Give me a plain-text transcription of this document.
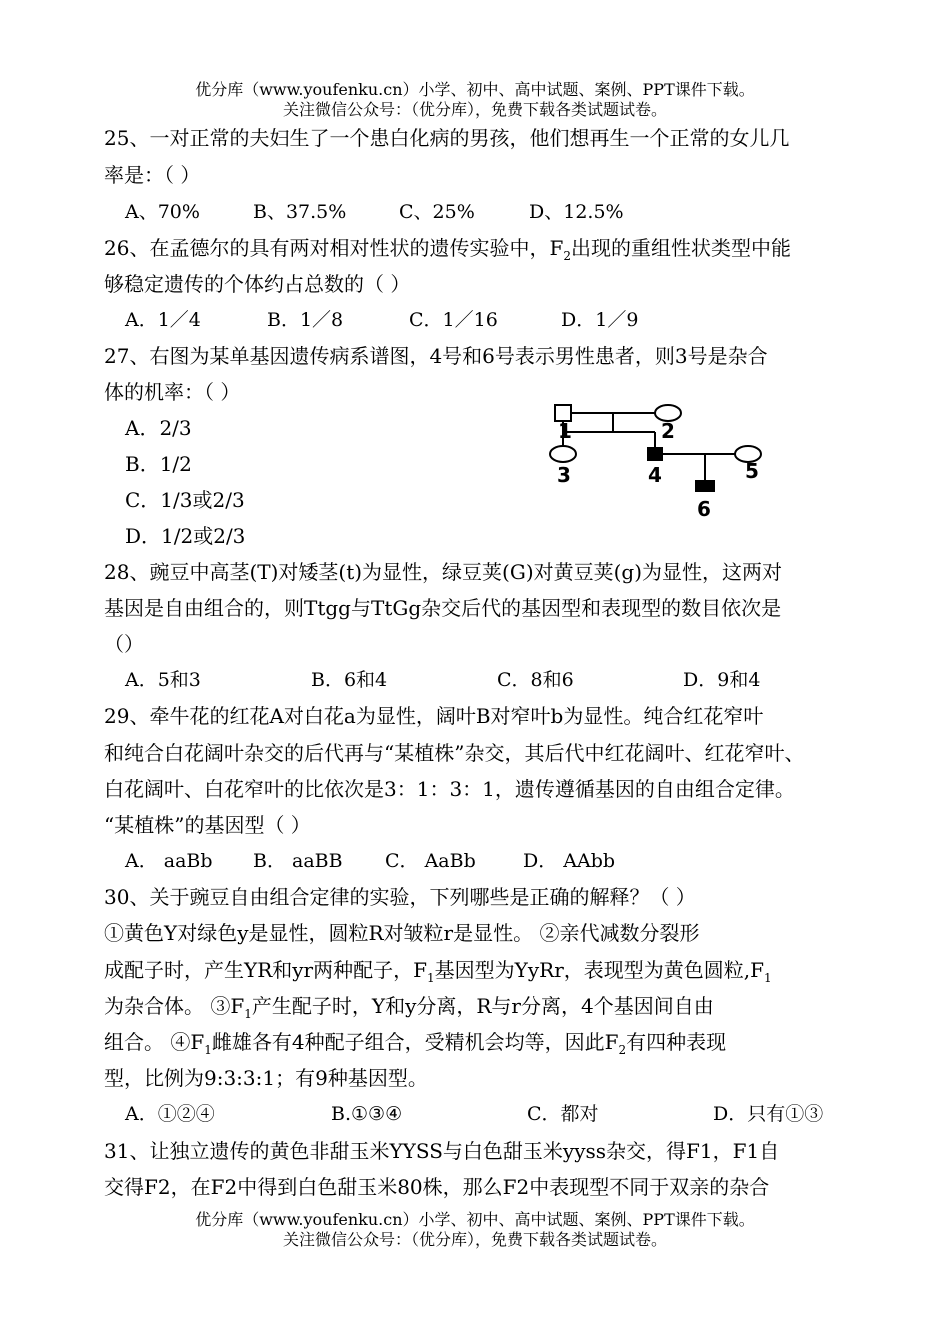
优分库（www.youfenku.cn）小学、初中、高中试题、案例、PPT课件下载。
关注微信公众号：（优分库），免费下载各类试题试卷。
25、一对正常的夫妇生了一个患白化病的男孩，他们想再生一个正常的女儿几
率是：（ ）
A、70%	B、37.5%	C、25%	D、12.5%
26、在孟德尔的具有两对相对性状的遗传实验中，$F_2$出现的重组性状类型中能
够稳定遗传的个体约占总数的（ ）
A．1／4	B．1／8	C．1／16	D．1／9
27、右图为某单基因遗传病系谱图，4号和6号表示男性患者，则3号是杂合
体的机率：（ ）
A．2/3
B．1/2
C．1/3或2/3
D．1/2或2/3
1	2
3	4	5
6
28、豌豆中高茎(T)对矮茎(t)为显性，绿豆荚(G)对黄豆荚(g)为显性，这两对
基因是自由组合的，则Ttgg与TtGg杂交后代的基因型和表现型的数目依次是
（）
A．5和3	B．6和4	C．8和6	D．9和4
29、牵牛花的红花A对白花a为显性，阔叶B对窄叶b为显性。纯合红花窄叶
和纯合白花阔叶杂交的后代再与“某植株”杂交，其后代中红花阔叶、红花窄叶、
白花阔叶、白花窄叶的比依次是3：1：3：1，遗传遵循基因的自由组合定律。
“某植株”的基因型（ ）
A． aaBb B． aaBB C． AaBb D． AAbb
30、关于豌豆自由组合定律的实验，下列哪些是正确的解释？（ ）
①黄色Y对绿色y是显性，圆粒R对皱粒r是显性。 ②亲代减数分裂形
成配子时，产生YR和yr两种配子，$F_1$基因型为YyRr，表现型为黄色圆粒$,F_1$
为杂合体。 $③F_1$产生配子时，Y和y分离，R与r分离，4个基因间自由
组合。 $④F_1$雌雄各有4种配子组合，受精机会均等，因此$F_2$有四种表现
型，比例为9:3:3:1；有9种基因型。
A．①②④	B.①③④	C．都对	D．只有①③
31、让独立遗传的黄色非甜玉米YYSS与白色甜玉米yyss杂交，得F1，F1自
交得F2，在F2中得到白色甜玉米80株，那么F2中表现型不同于双亲的杂合
优分库（www.youfenku.cn）小学、初中、高中试题、案例、PPT课件下载。
关注微信公众号：（优分库），免费下载各类试题试卷。
